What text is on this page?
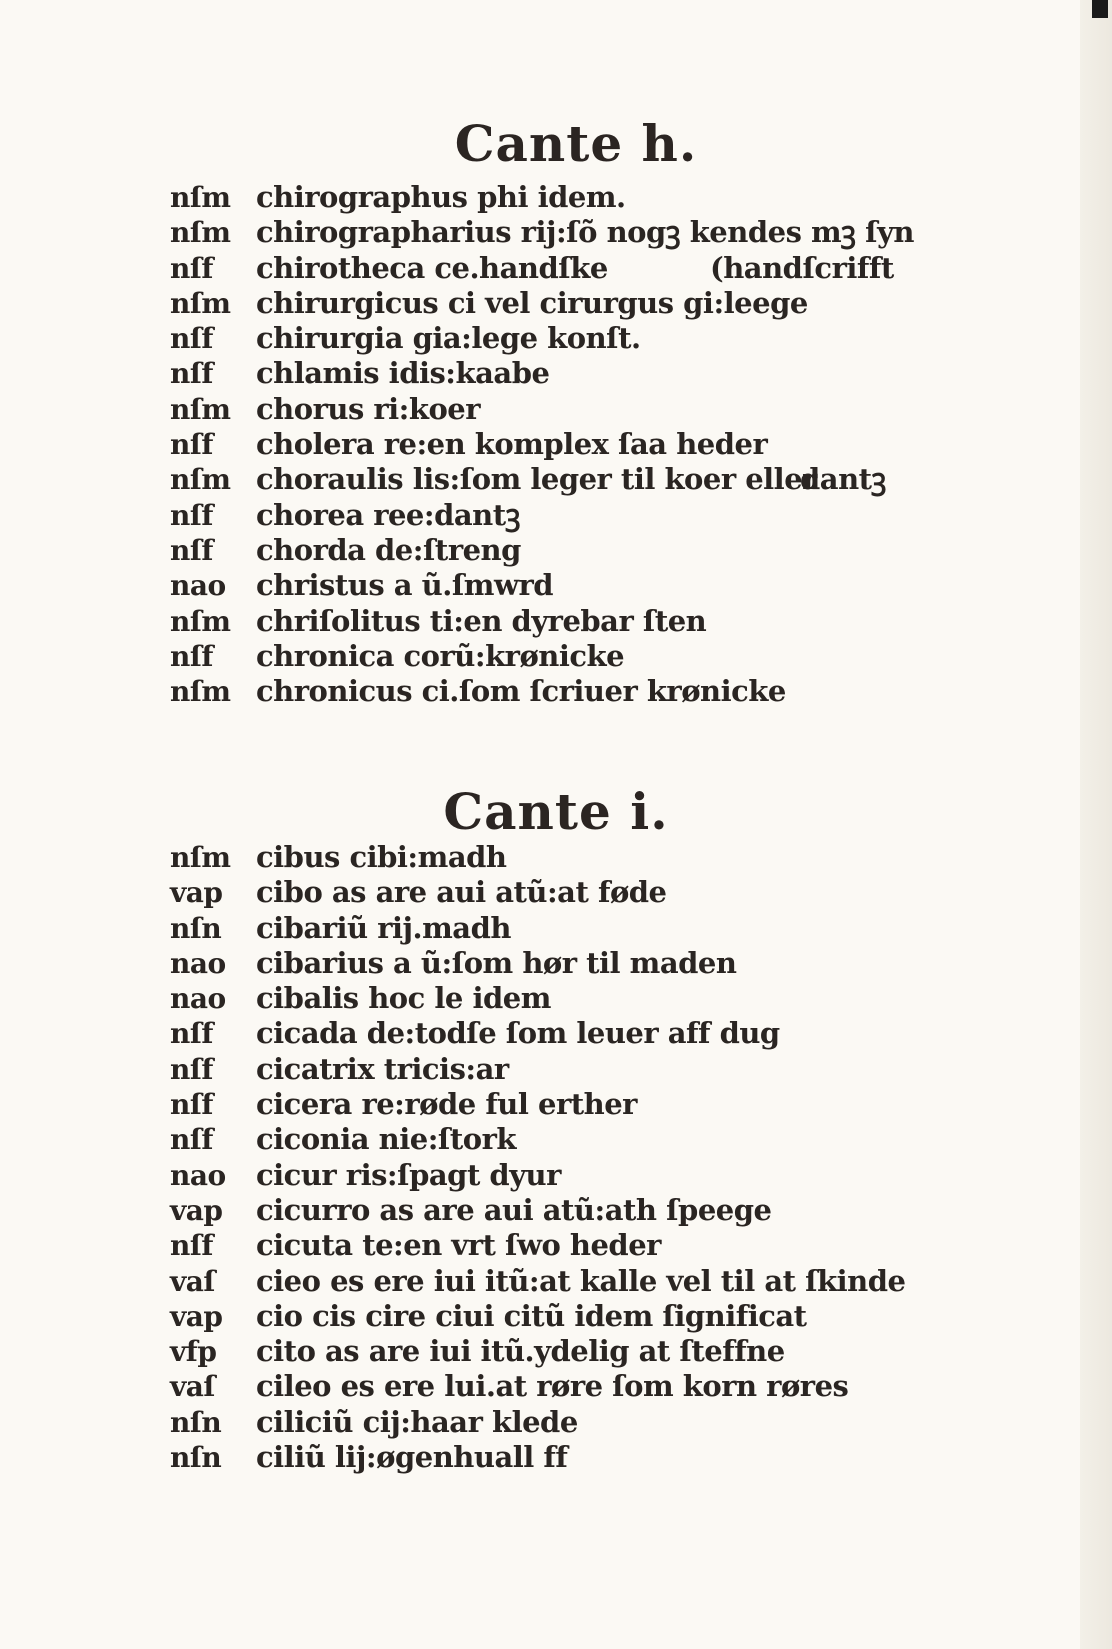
Cante h.
nſm chirographus phi idem.
nſm chirographarius rij:ſõ nogꝫ kendes mꝫ ſyn
nſf chirotheca ce.handſke	(handſcrifft
nſm chirurgicus ci vel cirurgus gi:leege
nſf chirurgia gia:lege konſt.
nſf chlamis idis:kaabe
nſm chorus ri:koer
nſf cholera re:en komplex ſaa heder
nſm choraulis lis:ſom leger til koer eller
dantꝫ
nſf chorea ree:dantꝫ
nſf chorda de:ſtreng
nao christus a ũ.ſmwrd
nſm chriſolitus ti:en dyrebar ſten
nſf chronica corũ:krønicke
nſm chronicus ci.ſom ſcriuer krønicke
Cante i.
nſm cibus cibi:madh
vap cibo as are aui atũ:at føde
nſn cibariũ rij.madh
nao cibarius a ũ:ſom hør til maden
nao cibalis hoc le idem
nſf cicada de:todſe ſom leuer aff dug
nſf cicatrix tricis:ar
nſf cicera re:røde ful erther
nſf ciconia nie:ſtork
nao cicur ris:ſpagt dyur
vap cicurro as are aui atũ:ath ſpeege
nſf cicuta te:en vrt ſwo heder
vaſ cieo es ere iui itũ:at kalle vel til at ſkinde
vap cio cis cire ciui citũ idem ſignificat
vfp cito as are iui itũ.ydelig at ſteffne
vaſ cileo es ere lui.at røre ſom korn røres
nſn ciliciũ cij:haar klede
nſn ciliũ lij:øgenhuall ff
